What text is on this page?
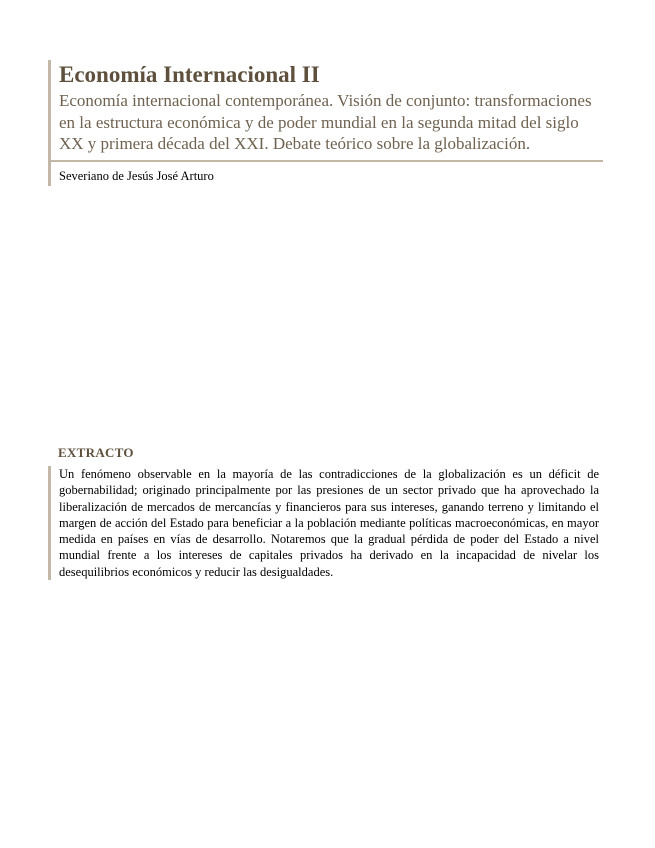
Economía Internacional II

Economía internacional contemporánea. Visión de conjunto: transformaciones en la estructura económica y de poder mundial en la segunda mitad del siglo XX y primera década del XXI. Debate teórico sobre la globalización.

Severiano de Jesús José Arturo
EXTRACTO

Un fenómeno observable en la mayoría de las contradicciones de la globalización es un déficit de gobernabilidad; originado principalmente por las presiones de un sector privado que ha aprovechado la liberalización de mercados de mercancías y financieros para sus intereses, ganando terreno y limitando el margen de acción del Estado para beneficiar a la población mediante políticas macroeconómicas, en mayor medida en países en vías de desarrollo. Notaremos que la gradual pérdida de poder del Estado a nivel mundial frente a los intereses de capitales privados ha derivado en la incapacidad de nivelar los desequilibrios económicos y reducir las desigualdades.
